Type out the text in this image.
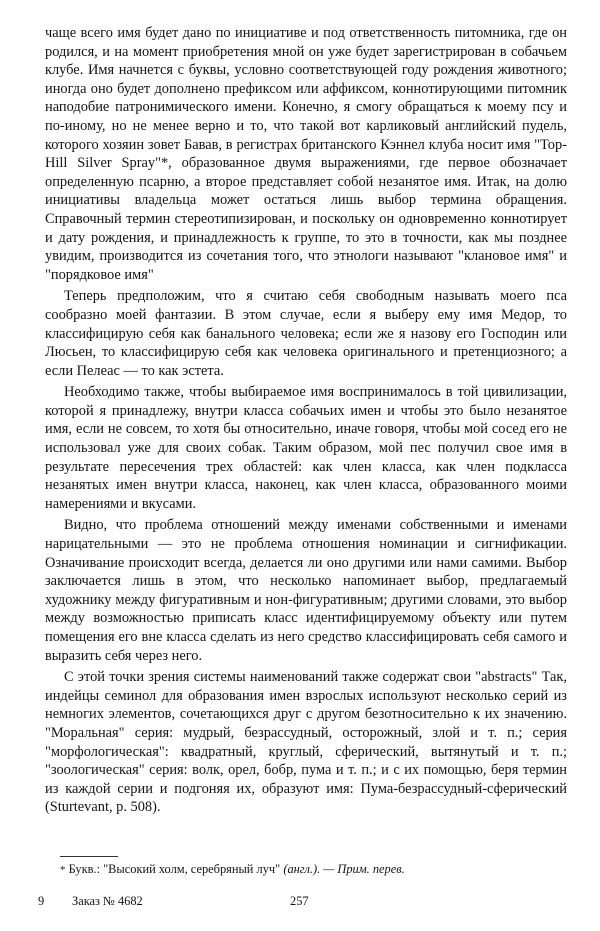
чаще всего имя будет дано по инициативе и под ответственность питомника, где он родился, и на момент приобретения мной он уже будет зарегистрирован в собачьем клубе. Имя начнется с буквы, условно соответствующей году рождения животного; иногда оно будет дополнено префиксом или аффиксом, коннотирующими питомник наподобие патронимического имени. Конечно, я смогу обращаться к моему псу и по-иному, но не менее верно и то, что такой вот карликовый английский пудель, которого хозяин зовет Бавав, в регистрах британского Кэннел клуба носит имя "Top-Hill Silver Spray"*, образованное двумя выражениями, где первое обозначает определенную псарню, а второе представляет собой незанятое имя. Итак, на долю инициативы владельца может остаться лишь выбор термина обращения. Справочный термин стереотипизирован, и поскольку он одновременно коннотирует и дату рождения, и принадлежность к группе, то это в точности, как мы позднее увидим, производится из сочетания того, что этнологи называют "клановое имя" и "порядковое имя"

Теперь предположим, что я считаю себя свободным называть моего пса сообразно моей фантазии. В этом случае, если я выберу ему имя Медор, то классифицирую себя как банального человека; если же я назову его Господин или Люсьен, то классифицирую себя как человека оригинального и претенциозного; а если Пелеас — то как эстета.

Необходимо также, чтобы выбираемое имя воспринималось в той цивилизации, которой я принадлежу, внутри класса собачьих имен и чтобы это было незанятое имя, если не совсем, то хотя бы относительно, иначе говоря, чтобы мой сосед его не использовал уже для своих собак. Таким образом, мой пес получил свое имя в результате пересечения трех областей: как член класса, как член подкласса незанятых имен внутри класса, наконец, как член класса, образованного моими намерениями и вкусами.

Видно, что проблема отношений между именами собственными и именами нарицательными — это не проблема отношения номинации и сигнификации. Означивание происходит всегда, делается ли оно другими или нами самими. Выбор заключается лишь в этом, что несколько напоминает выбор, предлагаемый художнику между фигуративным и нон-фигуративным; другими словами, это выбор между возможностью приписать класс идентифицируемому объекту или путем помещения его вне класса сделать из него средство классифицировать себя самого и выразить себя через него.

С этой точки зрения системы наименований также содержат свои "abstracts" Так, индейцы семинол для образования имен взрослых используют несколько серий из немногих элементов, сочетающихся друг с другом безотносительно к их значению. "Моральная" серия: мудрый, безрассудный, осторожный, злой и т. п.; серия "морфологическая": квадратный, круглый, сферический, вытянутый и т. п.; "зоологическая" серия: волк, орел, бобр, пума и т. п.; и с их помощью, беря термин из каждой серии и подгоняя их, образуют имя: Пума-безрассудный-сферический (Sturtevant, p. 508).

* Букв.: "Высокий холм, серебряный луч" (англ.). — Прим. перев.

9 Заказ № 4682	257
